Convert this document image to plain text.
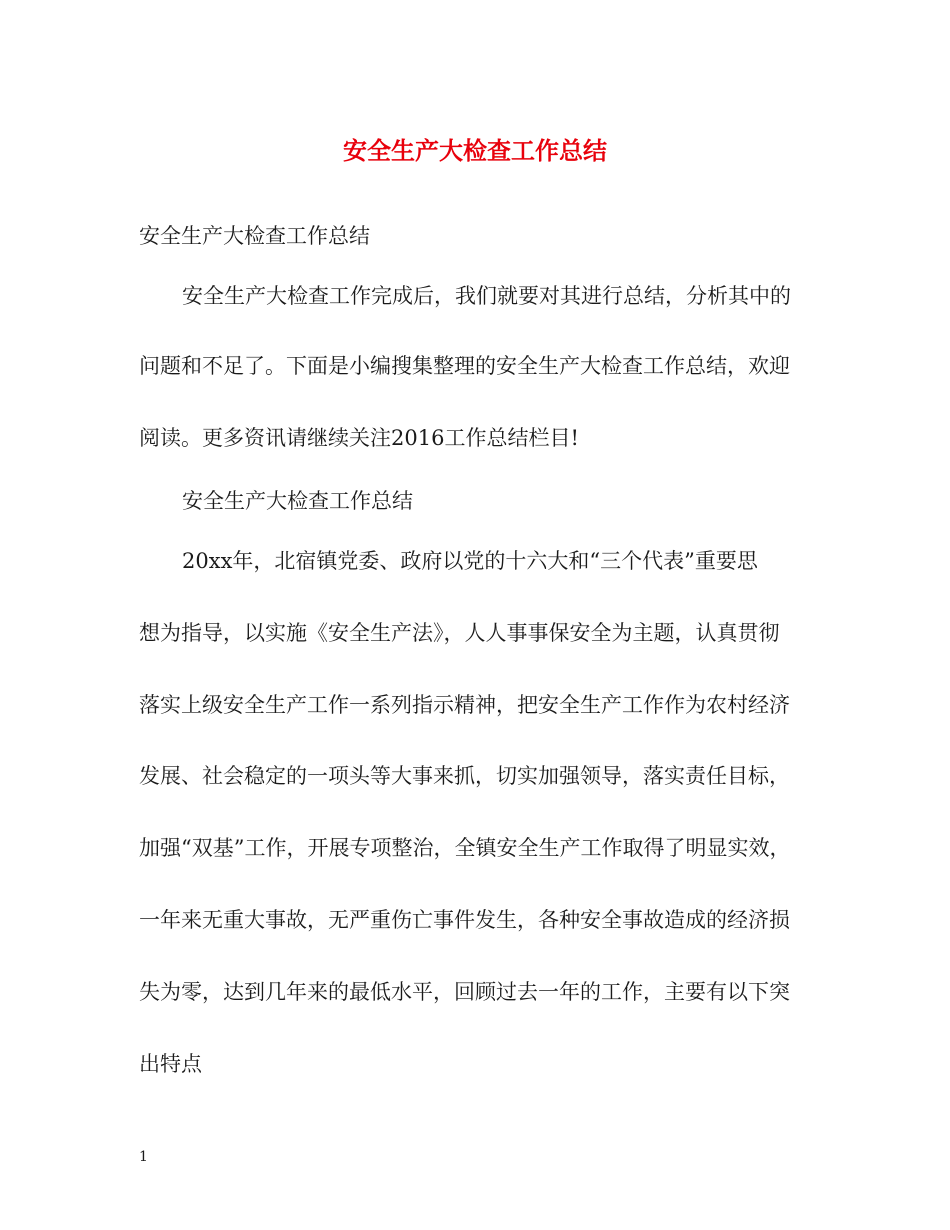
安全生产大检查工作总结

安全生产大检查工作总结

安全生产大检查工作完成后，我们就要对其进行总结，分析其中的

问题和不足了。下面是小编搜集整理的安全生产大检查工作总结，欢迎

阅读。更多资讯请继续关注2016工作总结栏目!

安全生产大检查工作总结

20xx年，北宿镇党委、政府以党的十六大和“三个代表”重要思

想为指导，以实施《安全生产法》，人人事事保安全为主题，认真贯彻

落实上级安全生产工作一系列指示精神，把安全生产工作作为农村经济

发展、社会稳定的一项头等大事来抓，切实加强领导，落实责任目标，

加强“双基”工作，开展专项整治，全镇安全生产工作取得了明显实效，

一年来无重大事故，无严重伤亡事件发生，各种安全事故造成的经济损

失为零，达到几年来的最低水平，回顾过去一年的工作，主要有以下突

出特点

1
